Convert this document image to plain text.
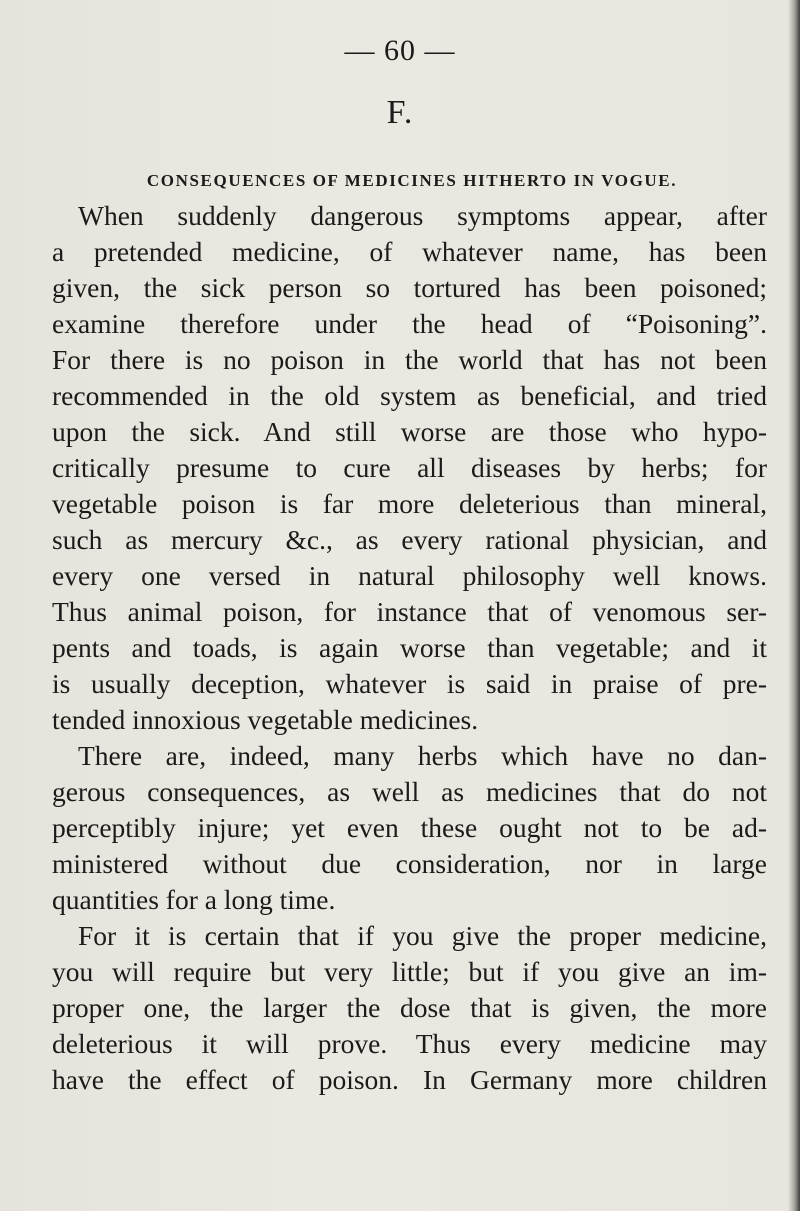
— 60 —
F.
CONSEQUENCES OF MEDICINES HITHERTO IN VOGUE.
When suddenly dangerous symptoms appear, after
a pretended medicine, of whatever name, has been
given, the sick person so tortured has been poisoned;
examine therefore under the head of “Poisoning”.
For there is no poison in the world that has not been
recommended in the old system as beneficial, and tried
upon the sick. And still worse are those who hypo-
critically presume to cure all diseases by herbs; for
vegetable poison is far more deleterious than mineral,
such as mercury &c., as every rational physician, and
every one versed in natural philosophy well knows.
Thus animal poison, for instance that of venomous ser-
pents and toads, is again worse than vegetable; and it
is usually deception, whatever is said in praise of pre-
tended innoxious vegetable medicines.
There are, indeed, many herbs which have no dan-
gerous consequences, as well as medicines that do not
perceptibly injure; yet even these ought not to be ad-
ministered without due consideration, nor in large
quantities for a long time.
For it is certain that if you give the proper medicine,
you will require but very little; but if you give an im-
proper one, the larger the dose that is given, the more
deleterious it will prove. Thus every medicine may
have the effect of poison. In Germany more children
